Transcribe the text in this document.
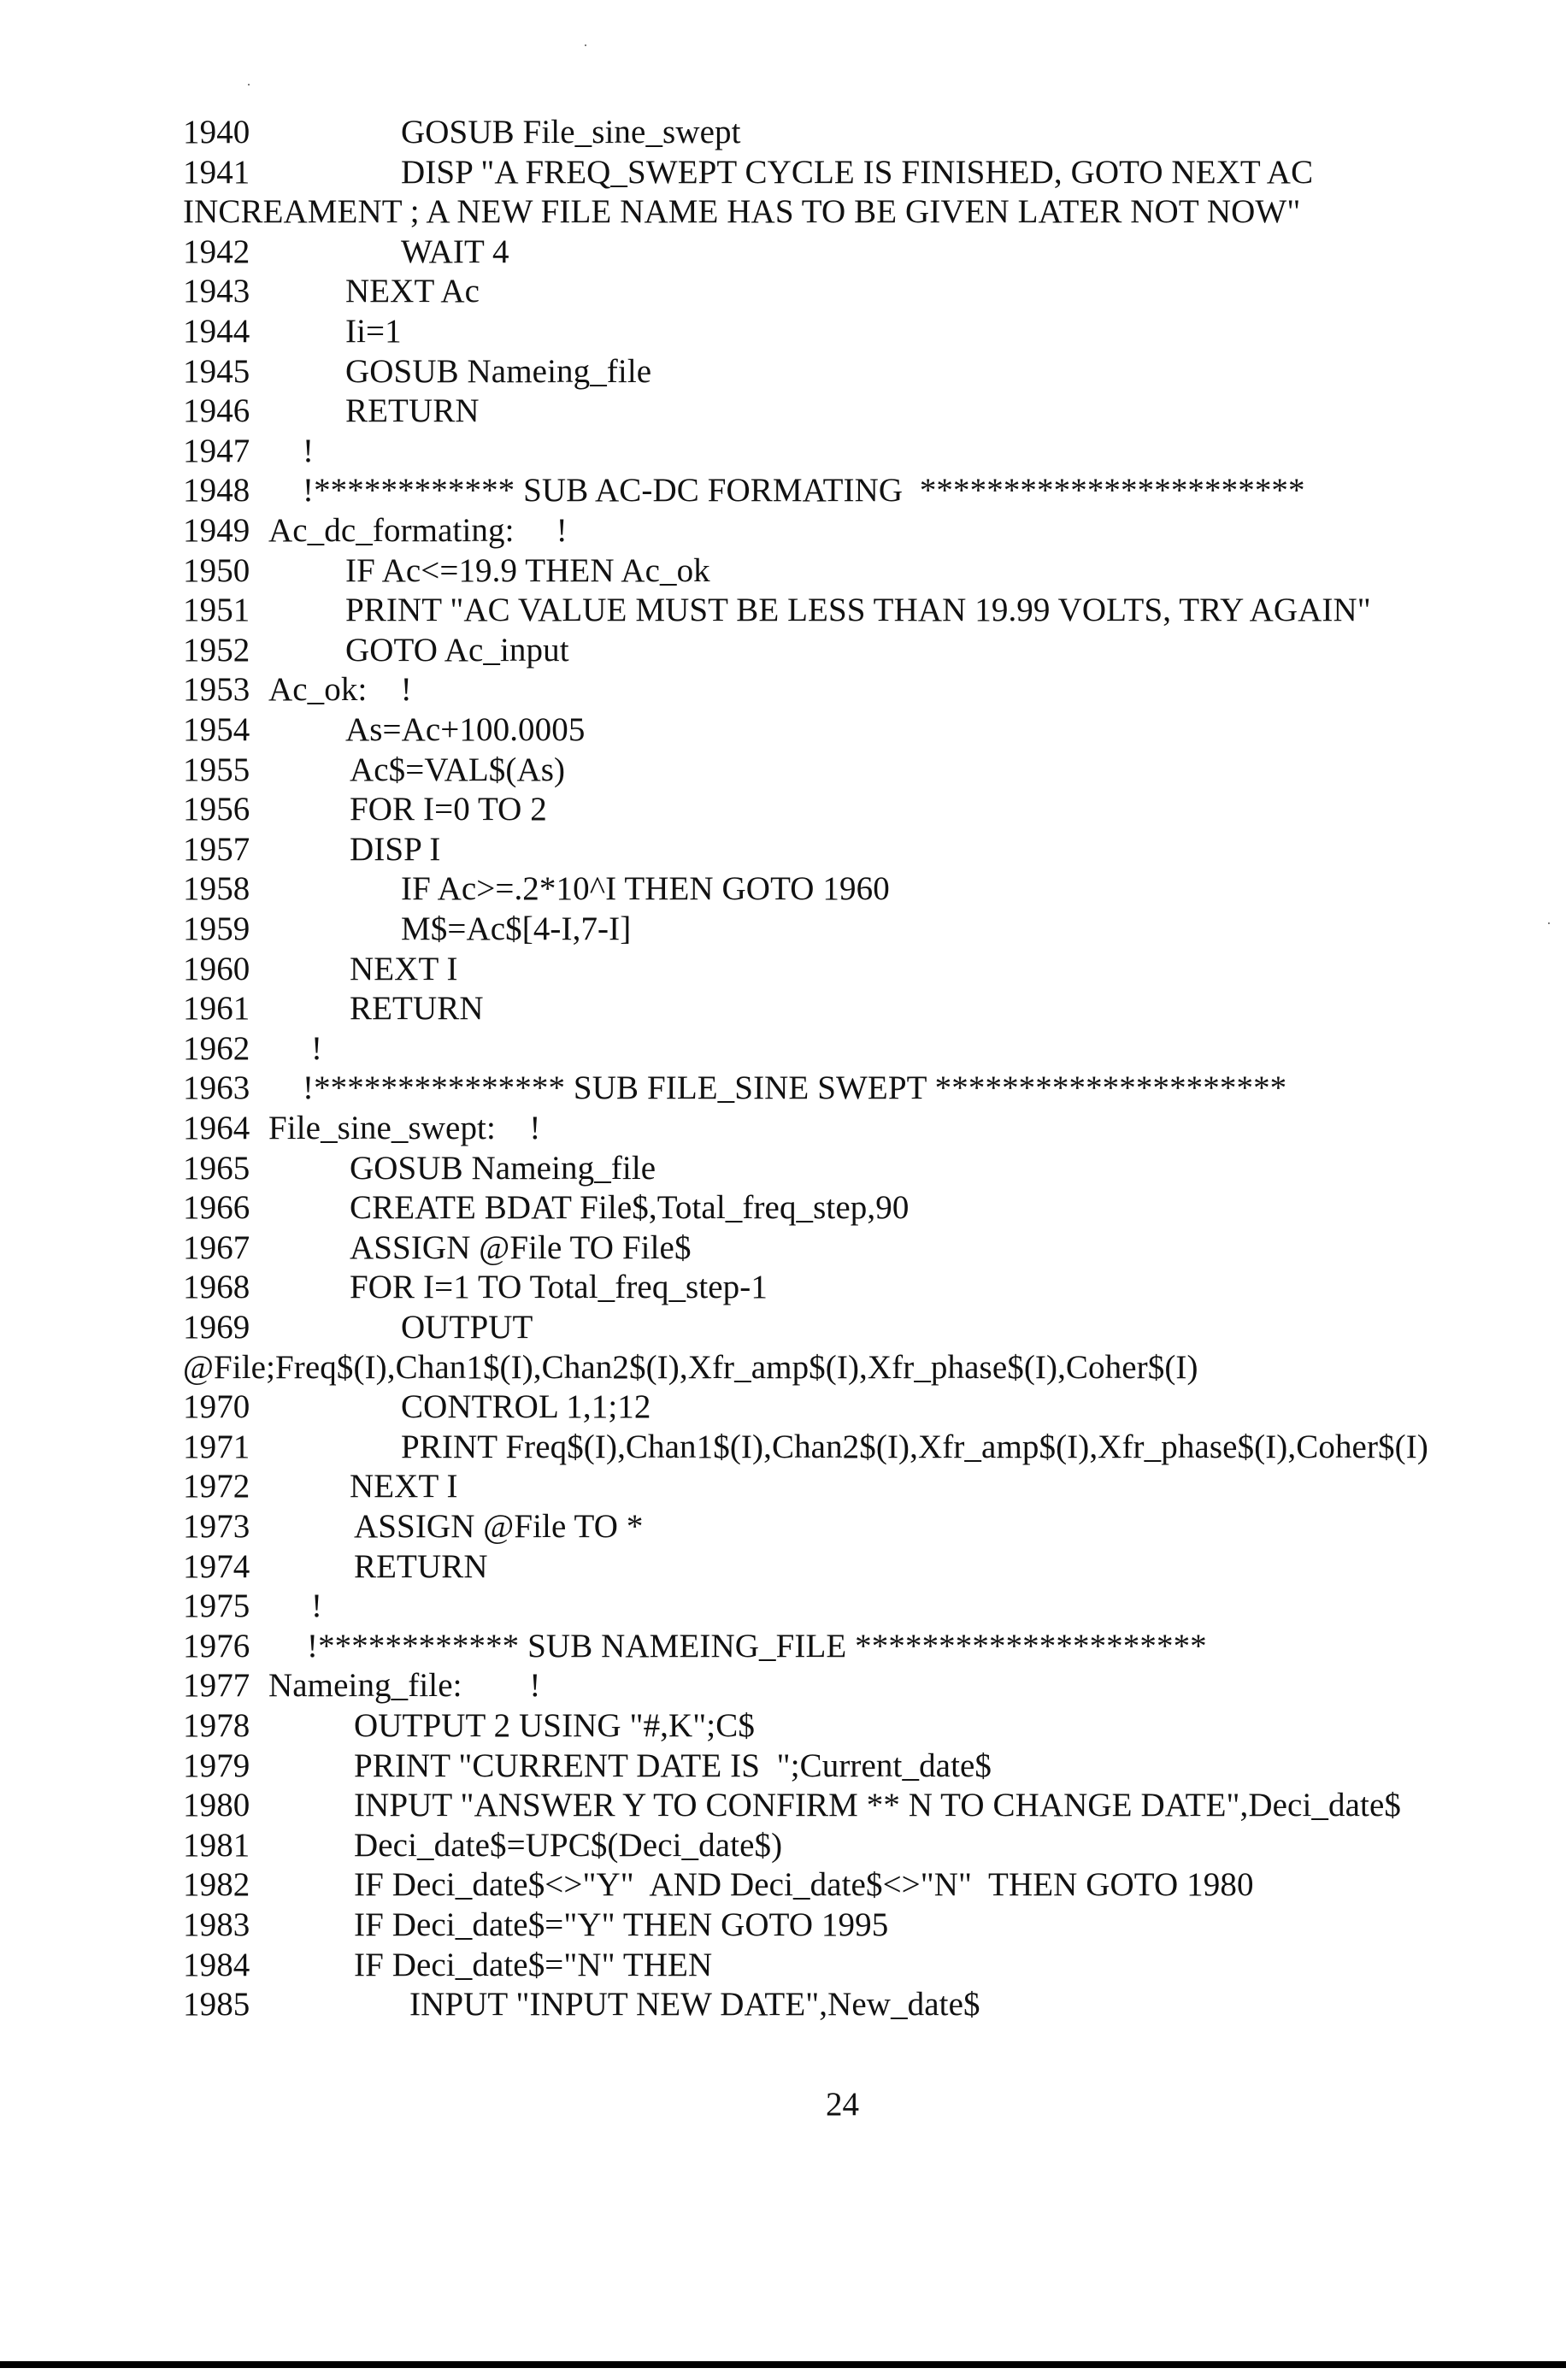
1940	GOSUB File_sine_swept
1941	DISP "A FREQ_SWEPT CYCLE IS FINISHED, GOTO NEXT AC
INCREAMENT ; A NEW FILE NAME HAS TO BE GIVEN LATER NOT NOW"
1942	WAIT 4
1943	NEXT Ac
1944	Ii=1
1945	GOSUB Nameing_file
1946	RETURN
1947 !
1948 !************ SUB AC-DC FORMATING  ***********************
1949 Ac_dc_formating:     !
1950	IF Ac<=19.9 THEN Ac_ok
1951	PRINT "AC VALUE MUST BE LESS THAN 19.99 VOLTS, TRY AGAIN"
1952	GOTO Ac_input
1953 Ac_ok:    !
1954	As=Ac+100.0005
1955	Ac$=VAL$(As)
1956	FOR I=0 TO 2
1957	DISP I
1958	IF Ac>=.2*10^I THEN GOTO 1960
1959	M$=Ac$[4-I,7-I]
1960	NEXT I
1961	RETURN
1962 !
1963 !*************** SUB FILE_SINE SWEPT *********************
1964 File_sine_swept:    !
1965	GOSUB Nameing_file
1966	CREATE BDAT File$,Total_freq_step,90
1967	ASSIGN @File TO File$
1968	FOR I=1 TO Total_freq_step-1
1969	OUTPUT
@File;Freq$(I),Chan1$(I),Chan2$(I),Xfr_amp$(I),Xfr_phase$(I),Coher$(I)
1970	CONTROL 1,1;12
1971	PRINT Freq$(I),Chan1$(I),Chan2$(I),Xfr_amp$(I),Xfr_phase$(I),Coher$(I)
1972	NEXT I
1973	ASSIGN @File TO *
1974	RETURN
1975 !
1976 !************ SUB NAMEING_FILE *********************
1977 Nameing_file:        !
1978	OUTPUT 2 USING "#,K";C$
1979	PRINT "CURRENT DATE IS  ";Current_date$
1980	INPUT "ANSWER Y TO CONFIRM ** N TO CHANGE DATE",Deci_date$
1981	Deci_date$=UPC$(Deci_date$)
1982	IF Deci_date$<>"Y"  AND Deci_date$<>"N"  THEN GOTO 1980
1983	IF Deci_date$="Y" THEN GOTO 1995
1984	IF Deci_date$="N" THEN
1985	INPUT "INPUT NEW DATE",New_date$
24
